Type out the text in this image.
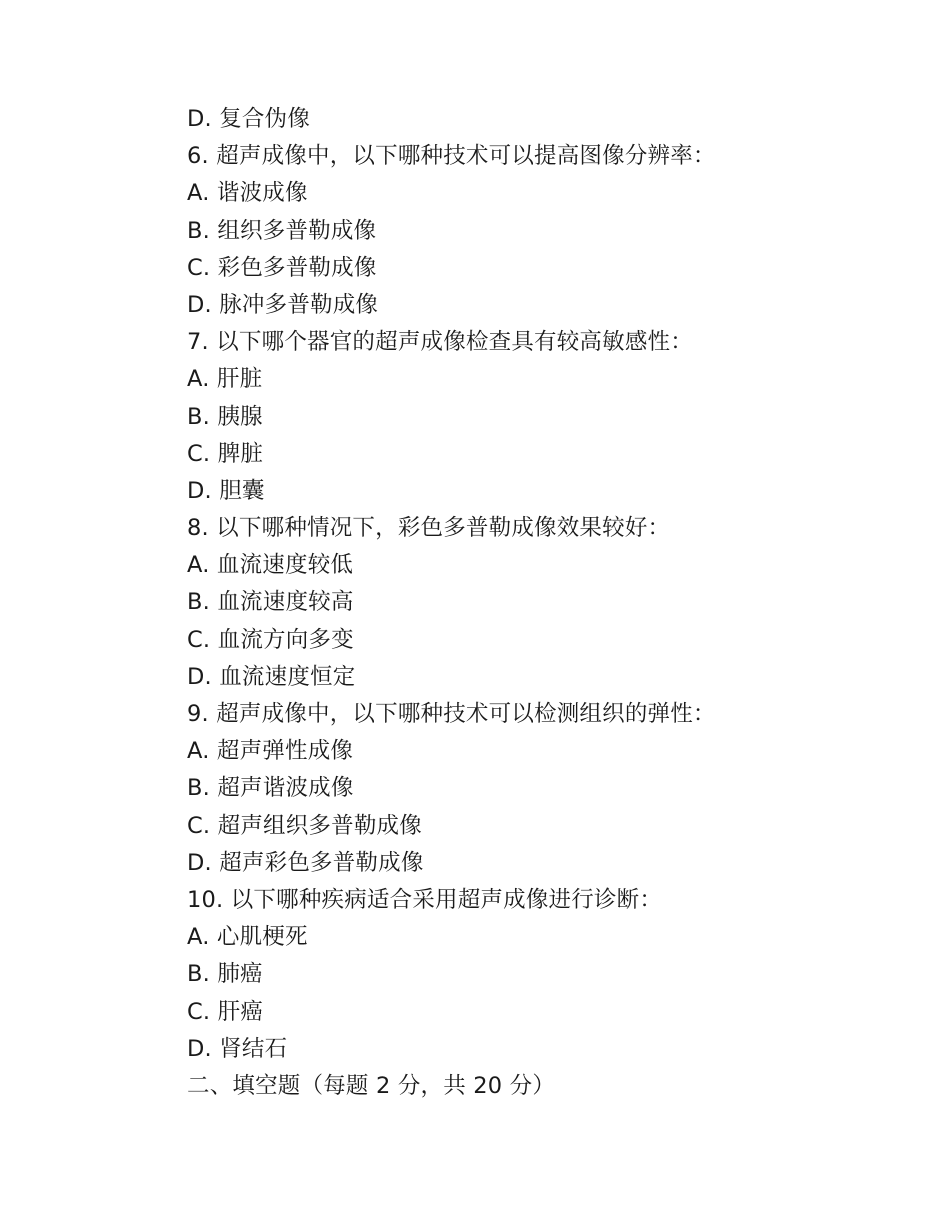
D. 复合伪像
6. 超声成像中，以下哪种技术可以提高图像分辨率：
A. 谐波成像
B. 组织多普勒成像
C. 彩色多普勒成像
D. 脉冲多普勒成像
7. 以下哪个器官的超声成像检查具有较高敏感性：
A. 肝脏
B. 胰腺
C. 脾脏
D. 胆囊
8. 以下哪种情况下，彩色多普勒成像效果较好：
A. 血流速度较低
B. 血流速度较高
C. 血流方向多变
D. 血流速度恒定
9. 超声成像中，以下哪种技术可以检测组织的弹性：
A. 超声弹性成像
B. 超声谐波成像
C. 超声组织多普勒成像
D. 超声彩色多普勒成像
10. 以下哪种疾病适合采用超声成像进行诊断：
A. 心肌梗死
B. 肺癌
C. 肝癌
D. 肾结石
二、填空题（每题 2 分，共 20 分）
